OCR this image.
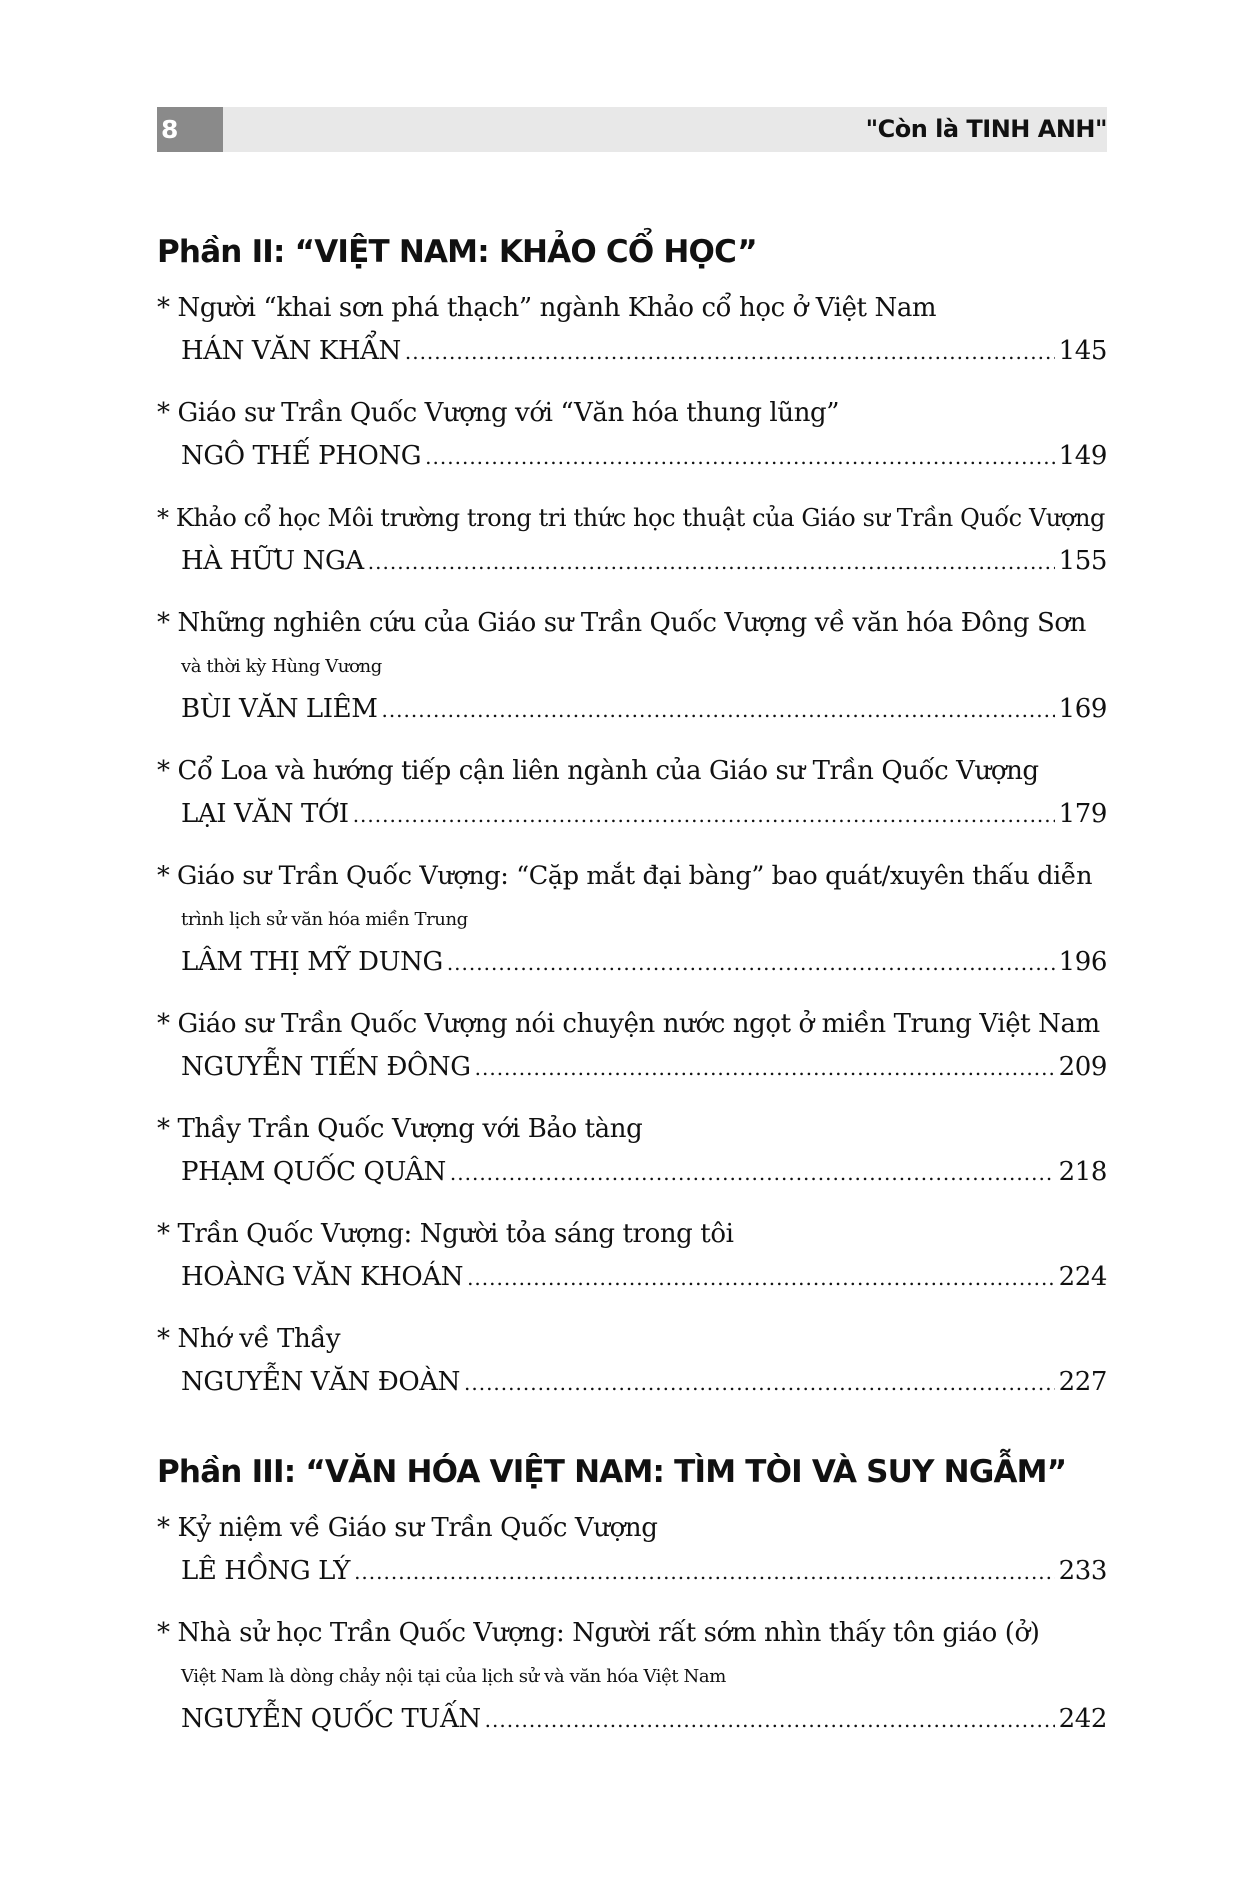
8	"Còn là TINH ANH"
Phần II: “VIỆT NAM: KHẢO CỔ HỌC”
* Người “khai sơn phá thạch” ngành Khảo cổ học ở Việt Nam
HÁN VĂN KHẨN .....	145
* Giáo sư Trần Quốc Vượng với “Văn hóa thung lũng”
NGÔ THẾ PHONG .....	149
* Khảo cổ học Môi trường trong tri thức học thuật của Giáo sư Trần Quốc Vượng
HÀ HỮU NGA .....	155
* Những nghiên cứu của Giáo sư Trần Quốc Vượng về văn hóa Đông Sơn
và thời kỳ Hùng Vương
BÙI VĂN LIÊM .....	169
* Cổ Loa và hướng tiếp cận liên ngành của Giáo sư Trần Quốc Vượng
LẠI VĂN TỚI .....	179
* Giáo sư Trần Quốc Vượng: “Cặp mắt đại bàng” bao quát/xuyên thấu diễn
trình lịch sử văn hóa miền Trung
LÂM THỊ MỸ DUNG .....	196
* Giáo sư Trần Quốc Vượng nói chuyện nước ngọt ở miền Trung Việt Nam
NGUYỄN TIẾN ĐÔNG .....	209
* Thầy Trần Quốc Vượng với Bảo tàng
PHẠM QUỐC QUÂN .....	218
* Trần Quốc Vượng: Người tỏa sáng trong tôi
HOÀNG VĂN KHOÁN .....	224
* Nhớ về Thầy
NGUYỄN VĂN ĐOÀN .....	227
Phần III: “VĂN HÓA VIỆT NAM: TÌM TÒI VÀ SUY NGẪM”
* Kỷ niệm về Giáo sư Trần Quốc Vượng
LÊ HỒNG LÝ .....	233
* Nhà sử học Trần Quốc Vượng: Người rất sớm nhìn thấy tôn giáo (ở)
Việt Nam là dòng chảy nội tại của lịch sử và văn hóa Việt Nam
NGUYỄN QUỐC TUẤN .....	242
